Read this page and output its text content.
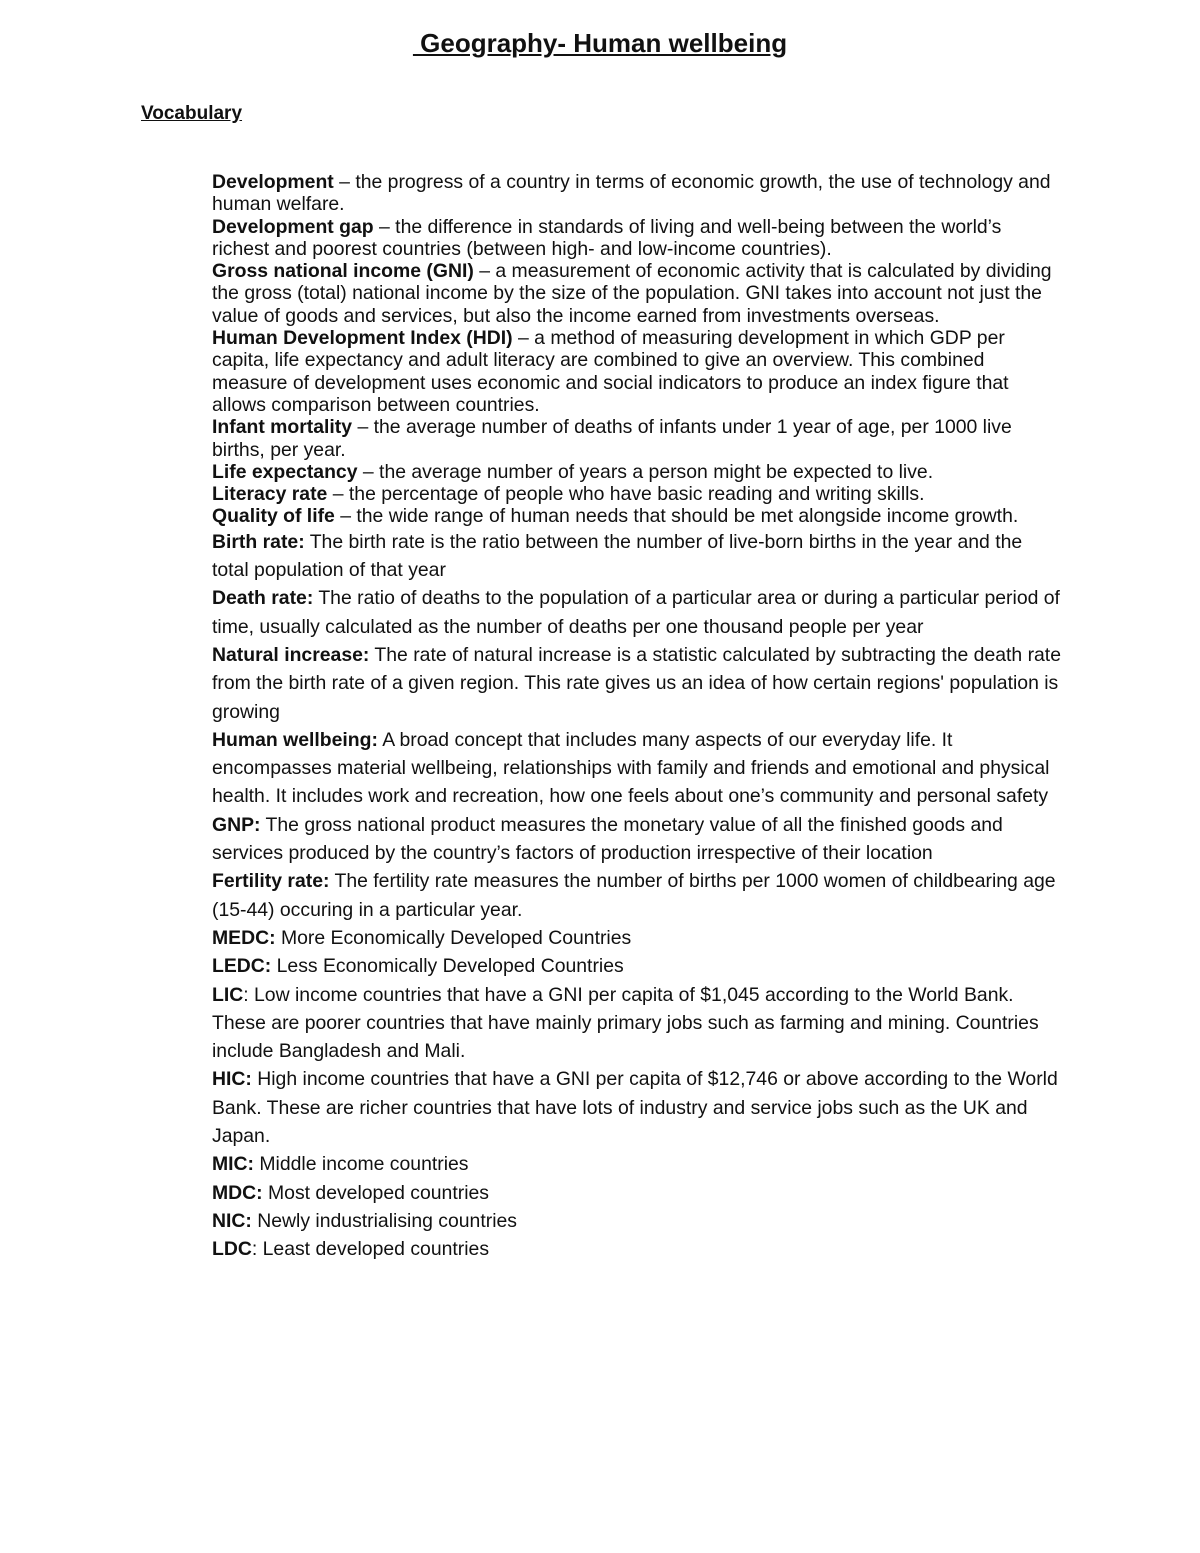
Geography- Human wellbeing
Vocabulary

Development – the progress of a country in terms of economic growth, the use of technology and human welfare.

Development gap – the difference in standards of living and well-being between the world’s richest and poorest countries (between high- and low-income countries).

Gross national income (GNI) – a measurement of economic activity that is calculated by dividing the gross (total) national income by the size of the population. GNI takes into account not just the value of goods and services, but also the income earned from investments overseas.

Human Development Index (HDI) – a method of measuring development in which GDP per capita, life expectancy and adult literacy are combined to give an overview. This combined measure of development uses economic and social indicators to produce an index figure that allows comparison between countries.

Infant mortality – the average number of deaths of infants under 1 year of age, per 1000 live births, per year.

Life expectancy – the average number of years a person might be expected to live.

Literacy rate – the percentage of people who have basic reading and writing skills.

Quality of life – the wide range of human needs that should be met alongside income growth.

Birth rate: The birth rate is the ratio between the number of live-born births in the year and the total population of that year

Death rate: The ratio of deaths to the population of a particular area or during a particular period of time, usually calculated as the number of deaths per one thousand people per year

Natural increase: The rate of natural increase is a statistic calculated by subtracting the death rate from the birth rate of a given region. This rate gives us an idea of how certain regions' population is growing

Human wellbeing: A broad concept that includes many aspects of our everyday life. It encompasses material wellbeing, relationships with family and friends and emotional and physical health. It includes work and recreation, how one feels about one’s community and personal safety

GNP: The gross national product measures the monetary value of all the finished goods and services produced by the country’s factors of production irrespective of their location

Fertility rate: The fertility rate measures the number of births per 1000 women of childbearing age (15-44) occuring in a particular year.

MEDC: More Economically Developed Countries

LEDC: Less Economically Developed Countries

LIC: Low income countries that have a GNI per capita of $1,045 according to the World Bank. These are poorer countries that have mainly primary jobs such as farming and mining. Countries include Bangladesh and Mali.

HIC: High income countries that have a GNI per capita of $12,746 or above according to the World Bank. These are richer countries that have lots of industry and service jobs such as the UK and Japan.

MIC: Middle income countries

MDC: Most developed countries

NIC: Newly industrialising countries

LDC: Least developed countries
